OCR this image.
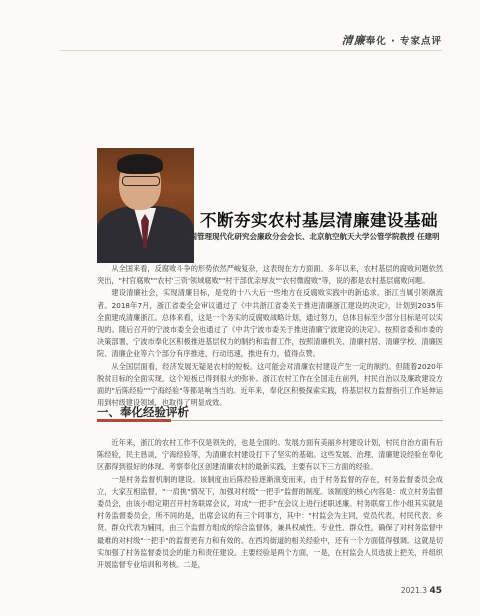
清廉奉化 · 专家点评
不断夯实农村基层清廉建设基础
中国管理现代化研究会廉政分会会长、北京航空航天大学公管学院教授 任建明

从全国来看，反腐败斗争的形势依然严峻复杂，这表现在方方面面。多年以来，农村基层的腐败问题依然突出，"村官腐败""农村'三资'领域腐败""村干部优亲厚友""农村微腐败"等，说的都是农村基层腐败问题。

建设清廉社会，实现清廉目标，是党的十八大后一些地方在反腐败实践中的新追求。浙江当属引领潮流者。2018年7月，浙江省委全会审议通过了《中共浙江省委关于推进清廉浙江建设的决定》，计划到2035年全面建成清廉浙江。总体来看，这是一个务实的反腐败战略计划，通过努力，总体目标至少部分目标是可以实现的。随后召开的宁波市委全会也通过了《中共宁波市委关于推进清廉宁波建设的决定》。按照省委和市委的决策部署，宁波市奉化区积极推进基层权力的制约和监督工作，按照清廉机关、清廉村居、清廉学校、清廉医院、清廉企业等六个部分有序推进，行动迅速，推进有力，值得点赞。

从全国层面看，经济发展无疑是农村的短板。这可能会对清廉农村建设产生一定的制约。但随着2020年脱贫目标的全面实现，这个短板已得到很大的弥补。浙江农村工作在全国走在前列，村民自治以及廉政建设方面的"后陈经验""宁海经验"等都是响当当的。近年来，奉化区积极探索实践，将基层权力监督指引工作延伸运用到村级建设领域，也取得了明显成效。

一、奉化经验评析

近年来，浙江的农村工作不仅是领先的，也是全面的。发展方面有美丽乡村建设计划，村民自治方面有后陈经验，民主恳谈，宁海经验等，为清廉农村建设打下了坚实的基础。这些发展、治理、清廉建设经验在奉化区都得到很好的体现。考察奉化区创建清廉农村的最新实践，主要有以下三方面的经验。

一是村务监督机制的建设。该制度由后陈经验逐渐演变而来，由于村务监督的存在，村务监督委员会成立，大家互相监督，"一肩挑"情况下，加强对村级"一把手"监督的制度。该制度的核心内容是：成立村务监督委员会，由该小组定期召开村务联席会议，对成"一把手"在会议上进行述职述廉。村务联席工作小组其实就是村务监督委员会，所不同的是，出席会议的有三个同事方，其中："村监会为主同，党员代表、村民代表、乡贤、群众代表为辅同，由三个监督方组成的综合监督体，兼具权威性、专业性、群众性，确保了对村务监督中最难的对村级"一把手"的监督更有力和有效的。在西坞街道的相关经验中，还有一个方面值得强调。这就是切实加强了村务监督委员会的能力和责任建设。主要经验是两个方面，一是，在村监会人员选拔上把关，并组织开展监督专业培训和考核。二是，

2021.3 45
